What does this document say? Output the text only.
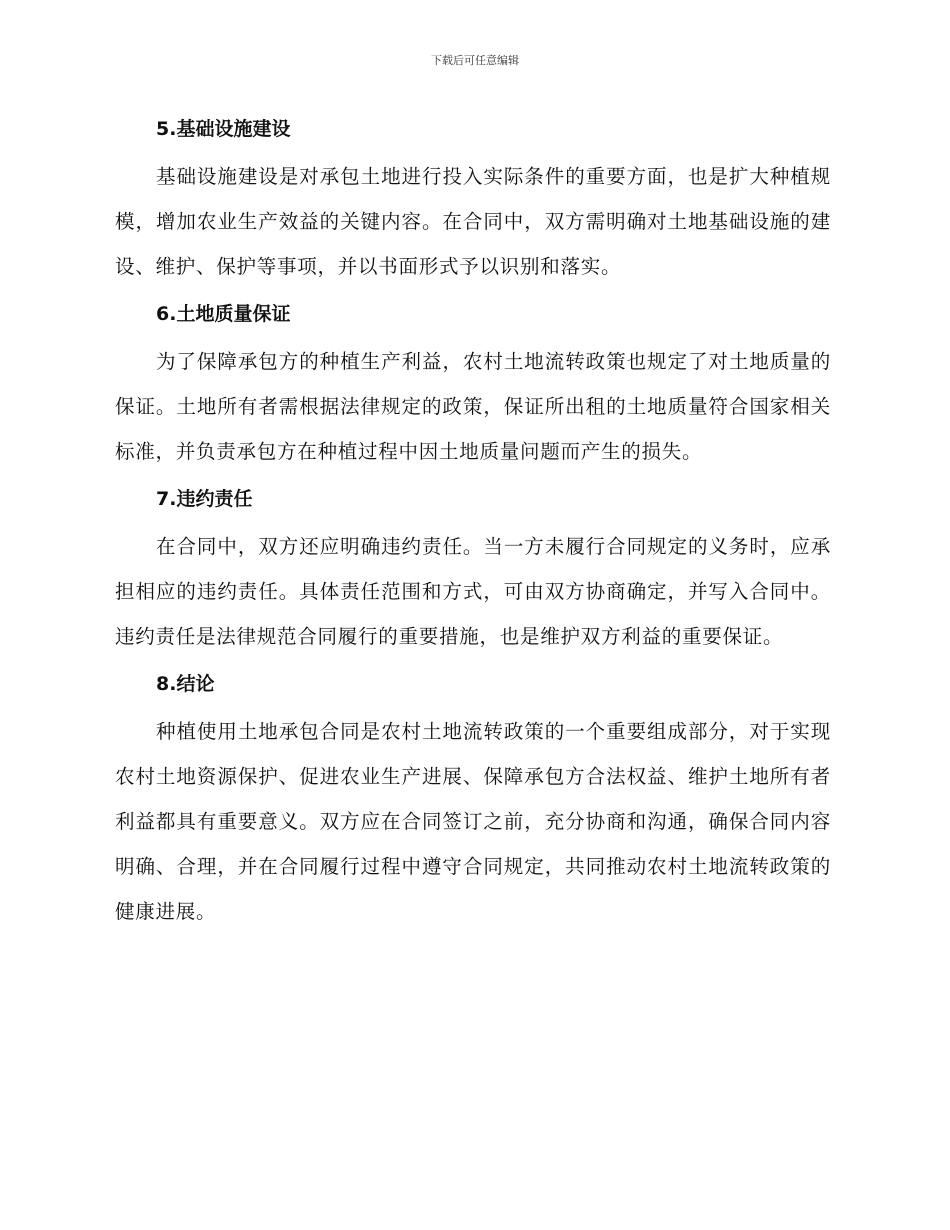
下载后可任意编辑
5.基础设施建设

基础设施建设是对承包土地进行投入实际条件的重要方面，也是扩大种植规模，增加农业生产效益的关键内容。在合同中，双方需明确对土地基础设施的建设、维护、保护等事项，并以书面形式予以识别和落实。

6.土地质量保证

为了保障承包方的种植生产利益，农村土地流转政策也规定了对土地质量的保证。土地所有者需根据法律规定的政策，保证所出租的土地质量符合国家相关标准，并负责承包方在种植过程中因土地质量问题而产生的损失。

7.违约责任

在合同中，双方还应明确违约责任。当一方未履行合同规定的义务时，应承担相应的违约责任。具体责任范围和方式，可由双方协商确定，并写入合同中。违约责任是法律规范合同履行的重要措施，也是维护双方利益的重要保证。

8.结论

种植使用土地承包合同是农村土地流转政策的一个重要组成部分，对于实现农村土地资源保护、促进农业生产进展、保障承包方合法权益、维护土地所有者利益都具有重要意义。双方应在合同签订之前，充分协商和沟通，确保合同内容明确、合理，并在合同履行过程中遵守合同规定，共同推动农村土地流转政策的健康进展。
